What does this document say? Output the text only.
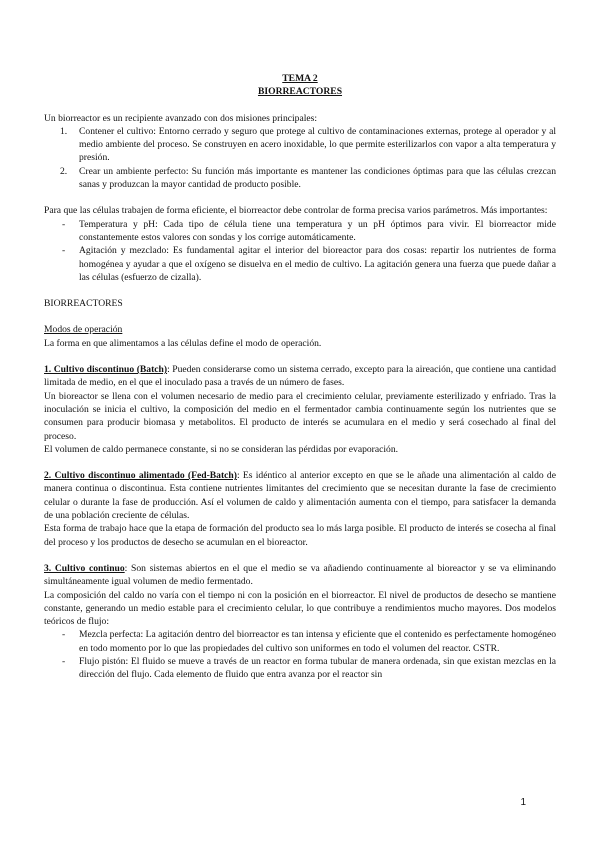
TEMA 2

BIORREACTORES

Un biorreactor es un recipiente avanzado con dos misiones principales:

1. Contener el cultivo: Entorno cerrado y seguro que protege al cultivo de contaminaciones externas, protege al operador y al medio ambiente del proceso. Se construyen en acero inoxidable, lo que permite esterilizarlos con vapor a alta temperatura y presión.
2. Crear un ambiente perfecto: Su función más importante es mantener las condiciones óptimas para que las células crezcan sanas y produzcan la mayor cantidad de producto posible.

Para que las células trabajen de forma eficiente, el biorreactor debe controlar de forma precisa varios parámetros. Más importantes:

- Temperatura y pH: Cada tipo de célula tiene una temperatura y un pH óptimos para vivir. El biorreactor mide constantemente estos valores con sondas y los corrige automáticamente.
- Agitación y mezclado: Es fundamental agitar el interior del bioreactor para dos cosas: repartir los nutrientes de forma homogénea y ayudar a que el oxígeno se disuelva en el medio de cultivo. La agitación genera una fuerza que puede dañar a las células (esfuerzo de cizalla).

BIORREACTORES

Modos de operación

La forma en que alimentamos a las células define el modo de operación.

1. Cultivo discontinuo (Batch): Pueden considerarse como un sistema cerrado, excepto para la aireación, que contiene una cantidad limitada de medio, en el que el inoculado pasa a través de un número de fases.

Un bioreactor se llena con el volumen necesario de medio para el crecimiento celular, previamente esterilizado y enfriado. Tras la inoculación se inicia el cultivo, la composición del medio en el fermentador cambia continuamente según los nutrientes que se consumen para producir biomasa y metabolitos. El producto de interés se acumulara en el medio y será cosechado al final del proceso.

El volumen de caldo permanece constante, si no se consideran las pérdidas por evaporación.

2. Cultivo discontinuo alimentado (Fed-Batch): Es idéntico al anterior excepto en que se le añade una alimentación al caldo de manera continua o discontinua. Esta contiene nutrientes limitantes del crecimiento que se necesitan durante la fase de crecimiento celular o durante la fase de producción. Así el volumen de caldo y alimentación aumenta con el tiempo, para satisfacer la demanda de una población creciente de células.

Esta forma de trabajo hace que la etapa de formación del producto sea lo más larga posible. El producto de interés se cosecha al final del proceso y los productos de desecho se acumulan en el bioreactor.

3. Cultivo continuo: Son sistemas abiertos en el que el medio se va añadiendo continuamente al bioreactor y se va eliminando simultáneamente igual volumen de medio fermentado.

La composición del caldo no varía con el tiempo ni con la posición en el biorreactor. El nivel de productos de desecho se mantiene constante, generando un medio estable para el crecimiento celular, lo que contribuye a rendimientos mucho mayores. Dos modelos teóricos de flujo:

- Mezcla perfecta: La agitación dentro del biorreactor es tan intensa y eficiente que el contenido es perfectamente homogéneo en todo momento por lo que las propiedades del cultivo son uniformes en todo el volumen del reactor. CSTR.
- Flujo pistón: El fluido se mueve a través de un reactor en forma tubular de manera ordenada, sin que existan mezclas en la dirección del flujo. Cada elemento de fluido que entra avanza por el reactor sin
1
